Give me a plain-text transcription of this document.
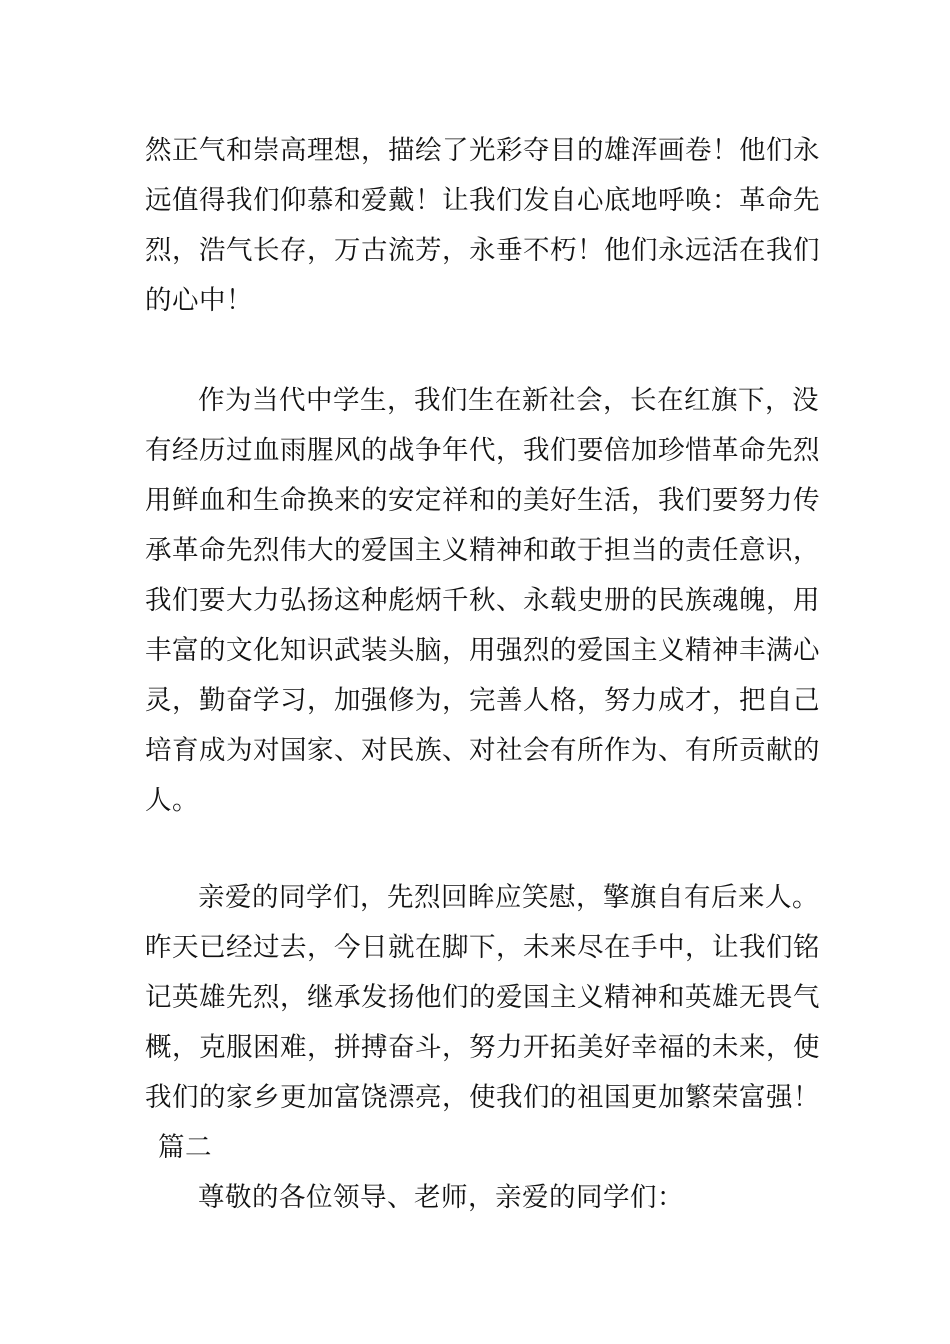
然正气和崇高理想，描绘了光彩夺目的雄浑画卷！他们永
远值得我们仰慕和爱戴！让我们发自心底地呼唤：革命先
烈，浩气长存，万古流芳，永垂不朽！他们永远活在我们
的心中！
作为当代中学生，我们生在新社会，长在红旗下，没
有经历过血雨腥风的战争年代，我们要倍加珍惜革命先烈
用鲜血和生命换来的安定祥和的美好生活，我们要努力传
承革命先烈伟大的爱国主义精神和敢于担当的责任意识，
我们要大力弘扬这种彪炳千秋、永载史册的民族魂魄，用
丰富的文化知识武装头脑，用强烈的爱国主义精神丰满心
灵，勤奋学习，加强修为，完善人格，努力成才，把自己
培育成为对国家、对民族、对社会有所作为、有所贡献的
人。
亲爱的同学们，先烈回眸应笑慰，擎旗自有后来人。
昨天已经过去，今日就在脚下，未来尽在手中，让我们铭
记英雄先烈，继承发扬他们的爱国主义精神和英雄无畏气
概，克服困难，拼搏奋斗，努力开拓美好幸福的未来，使
我们的家乡更加富饶漂亮，使我们的祖国更加繁荣富强！
篇二
尊敬的各位领导、老师，亲爱的同学们：
